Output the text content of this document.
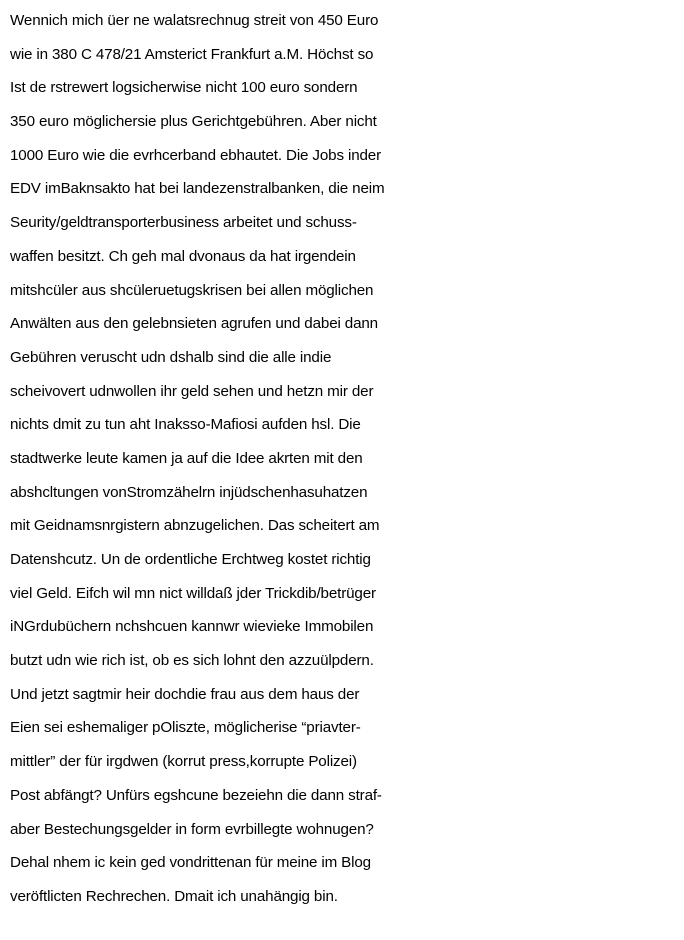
Wennich mich üer ne walatsrechnug streit von 450 Euro
wie in 380 C 478/21 Amsterict Frankfurt a.M. Höchst so
Ist de rstrewert logsicherwise nicht 100 euro sondern
350 euro möglichersie plus Gerichtgebühren. Aber nicht
1000 Euro wie die evrhcerband ebhautet. Die Jobs inder
EDV imBaknsakto hat bei landezenstralbanken, die neim
Seurity/geldtransporterbusiness arbeitet und schuss-
waffen besitzt. Ch geh mal dvonaus da hat irgendein
mitshcüler aus shcüleruetugskrisen bei allen möglichen
Anwälten aus den gelebnsieten agrufen und dabei dann
Gebühren veruscht udn dshalb sind die alle indie
scheivovert udnwollen ihr geld sehen und hetzn mir der
nichts dmit zu tun aht Inaksso-Mafiosi aufden hsl. Die
stadtwerke leute kamen ja auf die Idee akrten mit den
abshcltungen vonStromzähelrn injüdschenhasuhatzen
mit Geidnamsnrgistern abnzugelichen. Das scheitert am
Datenshcutz. Un de ordentliche Erchtweg kostet richtig
viel Geld. Eifch wil mn nict willdaß jder Trickdib/betrüger
iNGrdubüchern nchshcuen kannwr wievieke Immobilen
butzt udn wie rich ist, ob es sich lohnt den azzuülpdern.
Und jetzt sagtmir heir dochdie frau aus dem haus der
Eien sei eshemaliger pOliszte, möglicherise “priavter-
mittler” der für irgdwen (korrut press,korrupte Polizei)
Post abfängt? Unfürs egshcune bezeiehn die dann straf-
aber Bestechungsgelder in form evrbillegte wohnugen?
Dehal nhem ic kein ged vondrittenan für meine im Blog
veröftlicten Rechrechen. Dmait ich unahängig bin.
